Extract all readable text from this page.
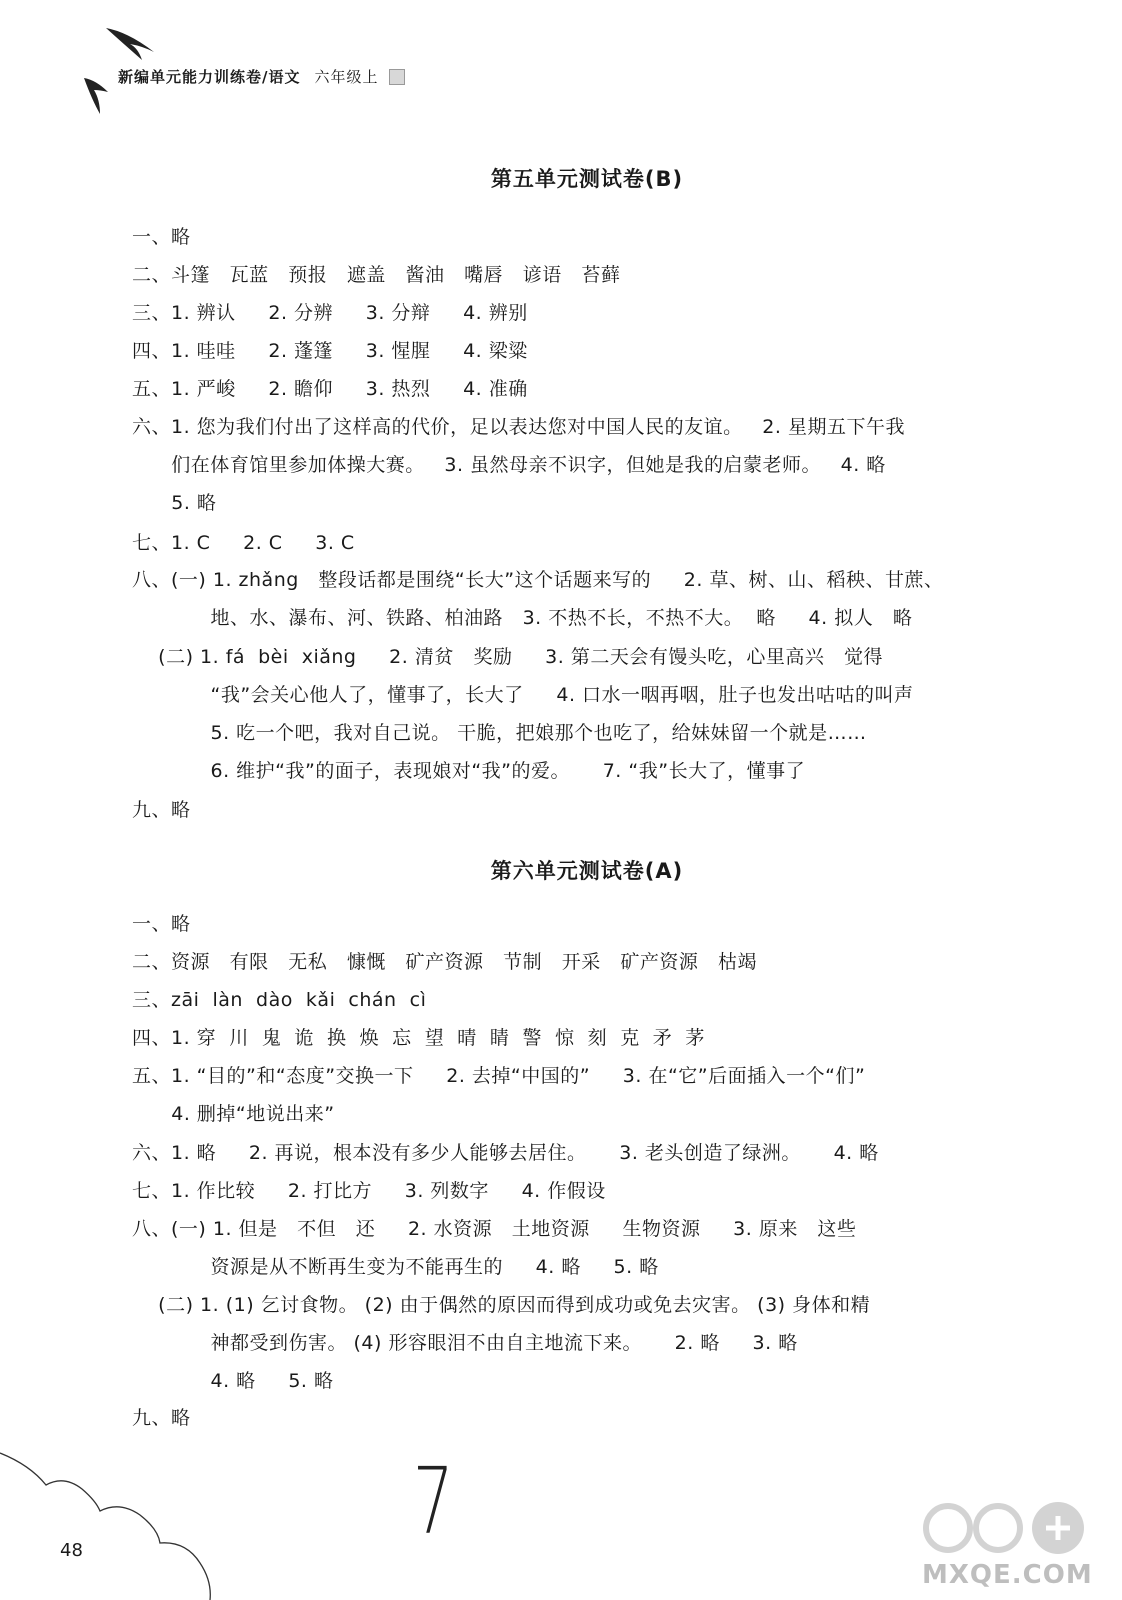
新编单元能力训练卷/语文 六年级上
第五单元测试卷(B)
一、略
二、斗篷   瓦蓝   预报   遮盖   酱油   嘴唇   谚语   苔藓
三、1. 辨认     2. 分辨     3. 分辩     4. 辨别
四、1. 哇哇     2. 蓬篷     3. 惺腥     4. 梁粱
五、1. 严峻     2. 瞻仰     3. 热烈     4. 准确
六、1. 您为我们付出了这样高的代价，足以表达您对中国人民的友谊。   2. 星期五下午我
们在体育馆里参加体操大赛。   3. 虽然母亲不识字，但她是我的启蒙老师。   4. 略
5. 略
七、1. C     2. C     3. C
八、(一) 1. zhǎng   整段话都是围绕“长大”这个话题来写的     2. 草、树、山、稻秧、甘蔗、
地、水、瀑布、河、铁路、柏油路   3. 不热不长，不热不大。  略     4. 拟人   略
(二) 1. fá  bèi  xiǎng     2. 清贫   奖励     3. 第二天会有馒头吃，心里高兴   觉得
“我”会关心他人了，懂事了，长大了     4. 口水一咽再咽，肚子也发出咕咕的叫声
5. 吃一个吧，我对自己说。 干脆，把娘那个也吃了，给妹妹留一个就是……
6. 维护“我”的面子，表现娘对“我”的爱。     7. “我”长大了，懂事了
九、略
第六单元测试卷(A)
一、略
二、资源   有限   无私   慷慨   矿产资源   节制   开采   矿产资源   枯竭
三、zāi  làn  dào  kǎi  chán  cì
四、1. 穿  川  鬼  诡  换  焕  忘  望  晴  睛  警  惊  刻  克  矛  茅
五、1. “目的”和“态度”交换一下     2. 去掉“中国的”     3. 在“它”后面插入一个“们”
4. 删掉“地说出来”
六、1. 略     2. 再说，根本没有多少人能够去居住。     3. 老头创造了绿洲。     4. 略
七、1. 作比较     2. 打比方     3. 列数字     4. 作假设
八、(一) 1. 但是   不但   还     2. 水资源   土地资源     生物资源     3. 原来   这些
资源是从不断再生变为不能再生的     4. 略     5. 略
(二) 1. (1) 乞讨食物。 (2) 由于偶然的原因而得到成功或免去灾害。 (3) 身体和精
神都受到伤害。 (4) 形容眼泪不由自主地流下来。     2. 略     3. 略
4. 略     5. 略
九、略
48	7
MXQE.COM
